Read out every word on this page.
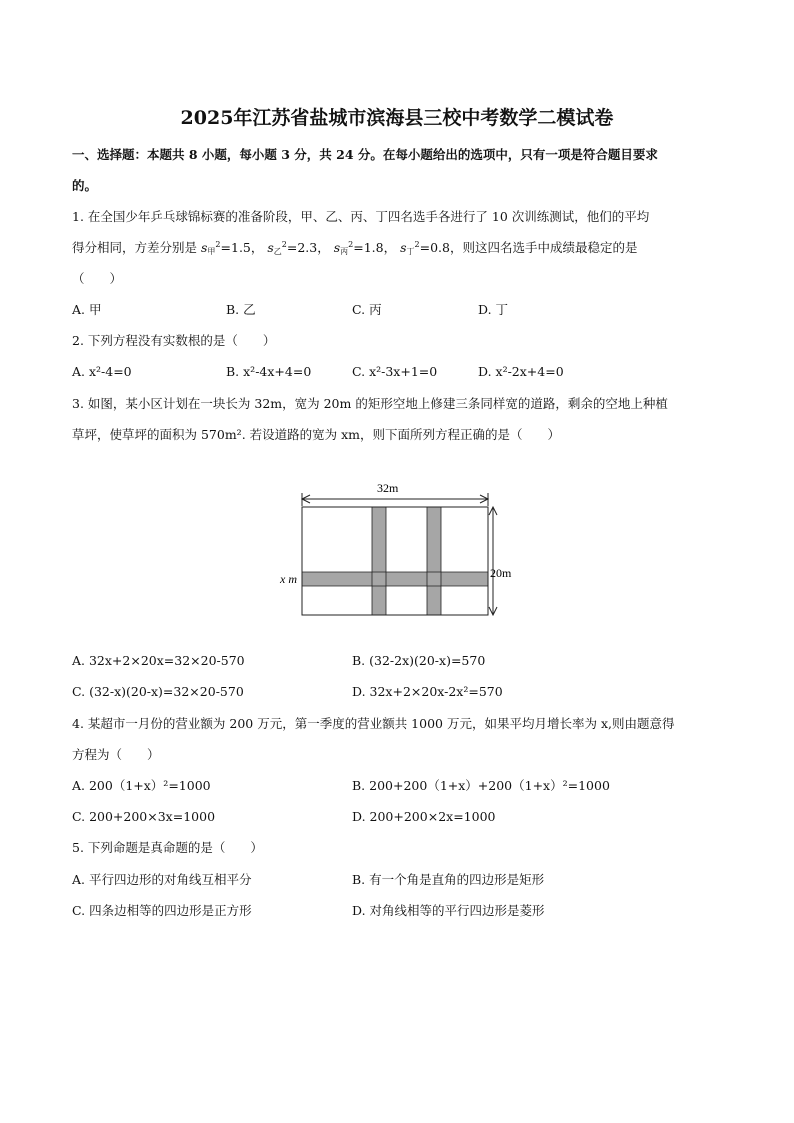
2025年江苏省盐城市滨海县三校中考数学二模试卷
一、选择题：本题共 8 小题，每小题 3 分，共 24 分。在每小题给出的选项中，只有一项是符合题目要求
的。
1. 在全国少年乒乓球锦标赛的准备阶段，甲、乙、丙、丁四名选手各进行了 10 次训练测试，他们的平均
得分相同，方差分别是 $s_甲^2=1.5$， $s_乙^2=2.3$， $s_丙^2=1.8$， $s_丁^2=0.8$，则这四名选手中成绩最稳定的是
（　　）
A. 甲	B. 乙	C. 丙	D. 丁
2. 下列方程没有实数根的是（　　）
A. x²-4=0	B. x²-4x+4=0	C. x²-3x+1=0	D. x²-2x+4=0
3. 如图，某小区计划在一块长为 32m，宽为 20m 的矩形空地上修建三条同样宽的道路，剩余的空地上种植
草坪，使草坪的面积为 570m². 若设道路的宽为 xm，则下面所列方程正确的是（　　）
32m
20m
x m
A. 32x+2×20x=32×20-570	B. (32-2x)(20-x)=570
C. (32-x)(20-x)=32×20-570	D. 32x+2×20x-2x²=570
4. 某超市一月份的营业额为 200 万元，第一季度的营业额共 1000 万元，如果平均月增长率为 x,则由题意得
方程为（　　）
A. 200（1+x）²=1000	B. 200+200（1+x）+200（1+x）²=1000
C. 200+200×3x=1000	D. 200+200×2x=1000
5. 下列命题是真命题的是（　　）
A. 平行四边形的对角线互相平分	B. 有一个角是直角的四边形是矩形
C. 四条边相等的四边形是正方形	D. 对角线相等的平行四边形是菱形
